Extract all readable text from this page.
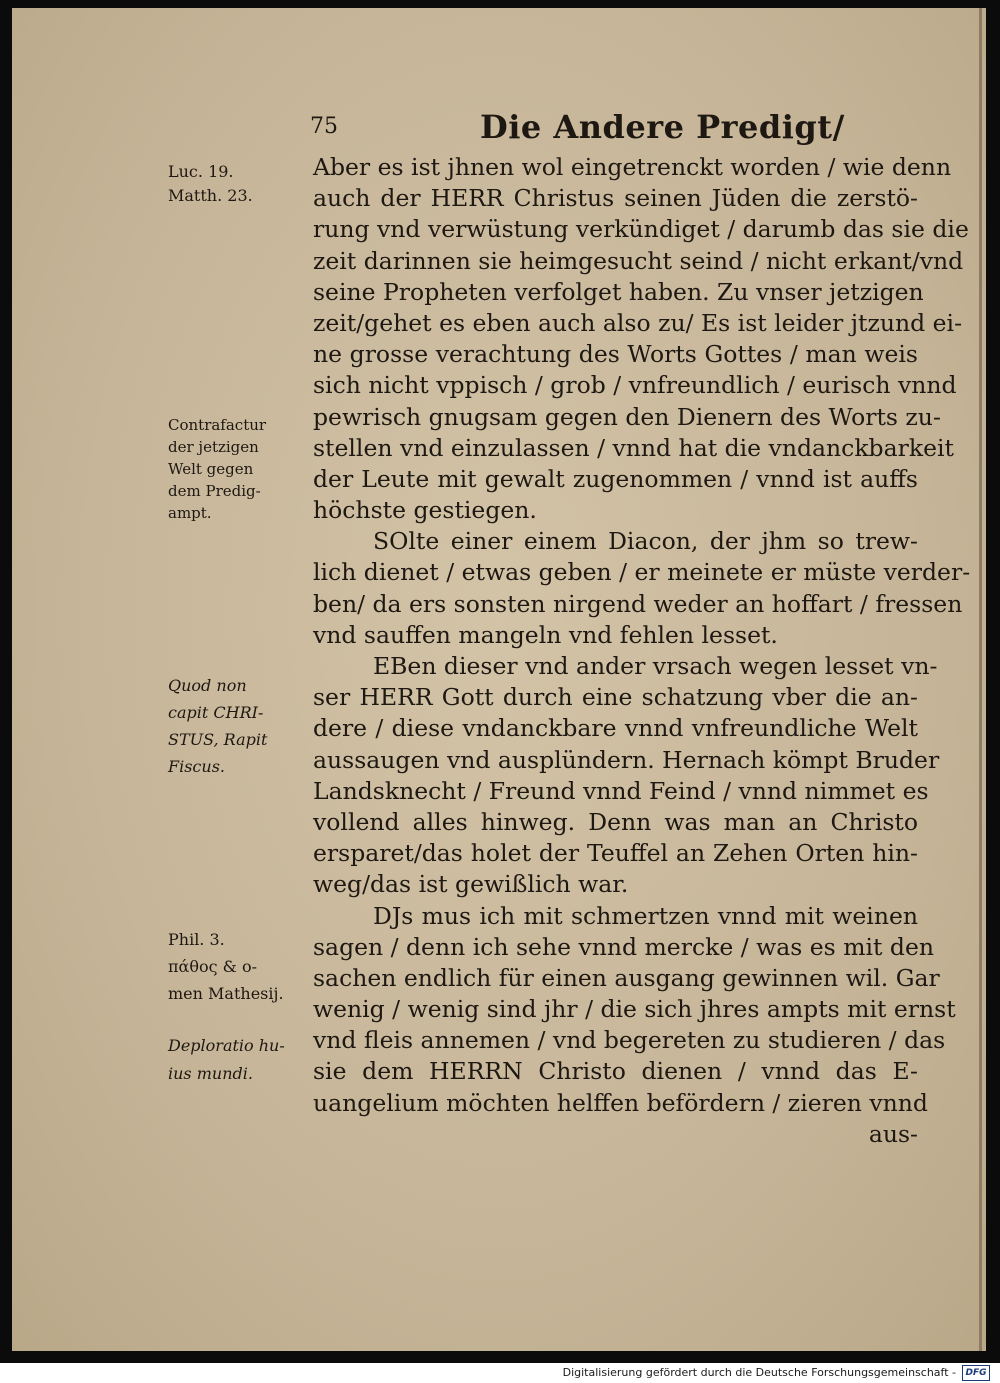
75	Die Andere Predigt/
Luc. 19.
Matth. 23.
Contrafactur
der jetzigen
Welt gegen
dem Predig-
ampt.
Quod non
capit CHRI-
STUS, Rapit
Fiscus.
Phil. 3.
πάθος & o-
men Mathesij.
Deploratio hu-
ius mundi.
Aber es ist jhnen wol eingetrenckt worden / wie denn
auch der HERR Christus seinen Jüden die zerstö-
rung vnd verwüstung verkündiget / darumb das sie die
zeit darinnen sie heimgesucht seind / nicht erkant/vnd
seine Propheten verfolget haben. Zu vnser jetzigen
zeit/gehet es eben auch also zu/ Es ist leider jtzund ei-
ne grosse verachtung des Worts Gottes / man weis
sich nicht vppisch / grob / vnfreundlich / eurisch vnnd
pewrisch gnugsam gegen den Dienern des Worts zu-
stellen vnd einzulassen / vnnd hat die vndanckbarkeit
der Leute mit gewalt zugenommen / vnnd ist auffs
höchste gestiegen.
SOlte einer einem Diacon, der jhm so trew-
lich dienet / etwas geben / er meinete er müste verder-
ben/ da ers sonsten nirgend weder an hoffart / fressen
vnd sauffen mangeln vnd fehlen lesset.
EBen dieser vnd ander vrsach wegen lesset vn-
ser HERR Gott durch eine schatzung vber die an-
dere / diese vndanckbare vnnd vnfreundliche Welt
aussaugen vnd ausplündern. Hernach kömpt Bruder
Landsknecht / Freund vnnd Feind / vnnd nimmet es
vollend alles hinweg. Denn was man an Christo
ersparet/das holet der Teuffel an Zehen Orten hin-
weg/das ist gewißlich war.
DJs mus ich mit schmertzen vnnd mit weinen
sagen / denn ich sehe vnnd mercke / was es mit den
sachen endlich für einen ausgang gewinnen wil. Gar
wenig / wenig sind jhr / die sich jhres ampts mit ernst
vnd fleis annemen / vnd begereten zu studieren / das
sie dem HERRN Christo dienen / vnnd das E-
uangelium möchten helffen befördern / zieren vnnd
aus-
Digitalisierung gefördert durch die Deutsche Forschungsgemeinschaft -	DFG
